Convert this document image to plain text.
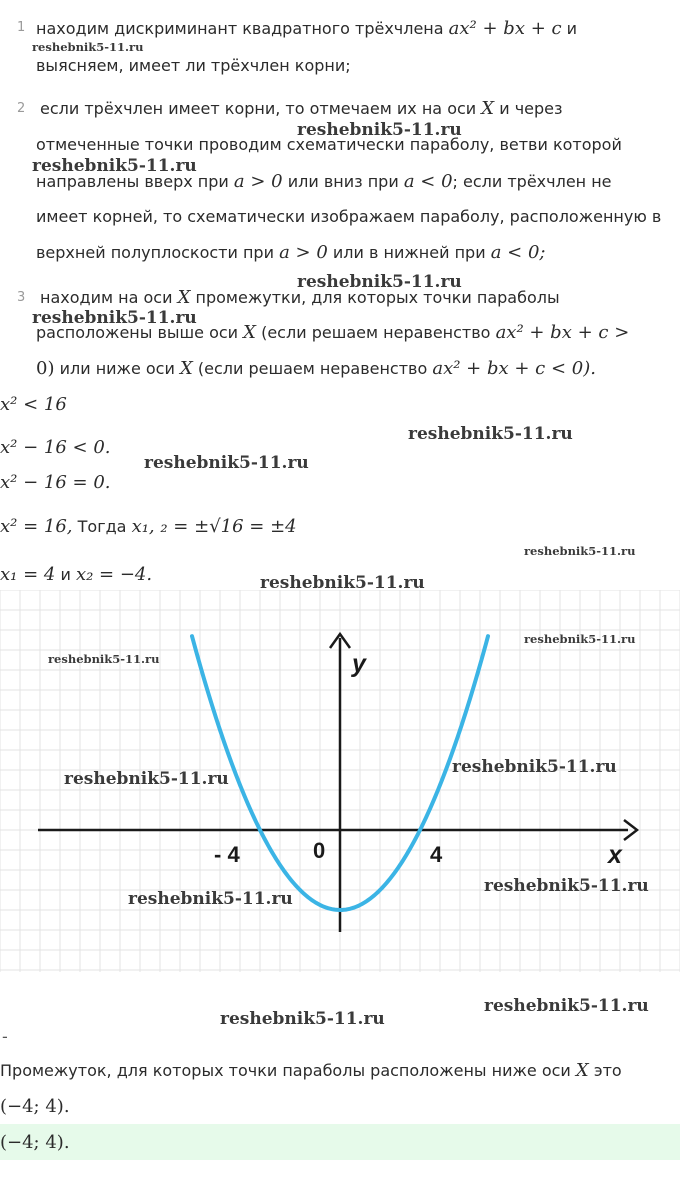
1 находим дискриминант квадратного трёхчлена ax² + bx + c и
выясняем, имеет ли трёхчлен корни;
2 если трёхчлен имеет корни, то отмечаем их на оси X и через
отмеченные точки проводим схематически параболу, ветви которой
направлены вверх при a > 0 или вниз при a < 0; если трёхчлен не
имеет корней, то схематически изображаем параболу, расположенную в
верхней полуплоскости при a > 0 или в нижней при a < 0;
3 находим на оси X промежутки, для которых точки параболы
расположены выше оси X (если решаем неравенство ax² + bx + c >
0) или ниже оси X (если решаем неравенство ax² + bx + c < 0).
x² < 16
x² − 16 < 0.
x² − 16 = 0.
x² = 16, Тогда x₁, ₂ = ±√16 = ±4
x₁ = 4 и x₂ = −4.
y
x
- 4	0	4
-
Промежуток, для которых точки параболы расположены ниже оси X это
(−4; 4).
(−4; 4).
reshebnik5-11.ru
reshebnik5-11.ru
reshebnik5-11.ru
reshebnik5-11.ru
reshebnik5-11.ru
reshebnik5-11.ru
reshebnik5-11.ru
reshebnik5-11.ru
reshebnik5-11.ru
reshebnik5-11.ru
reshebnik5-11.ru
reshebnik5-11.ru
reshebnik5-11.ru
reshebnik5-11.ru
reshebnik5-11.ru
reshebnik5-11.ru
reshebnik5-11.ru
